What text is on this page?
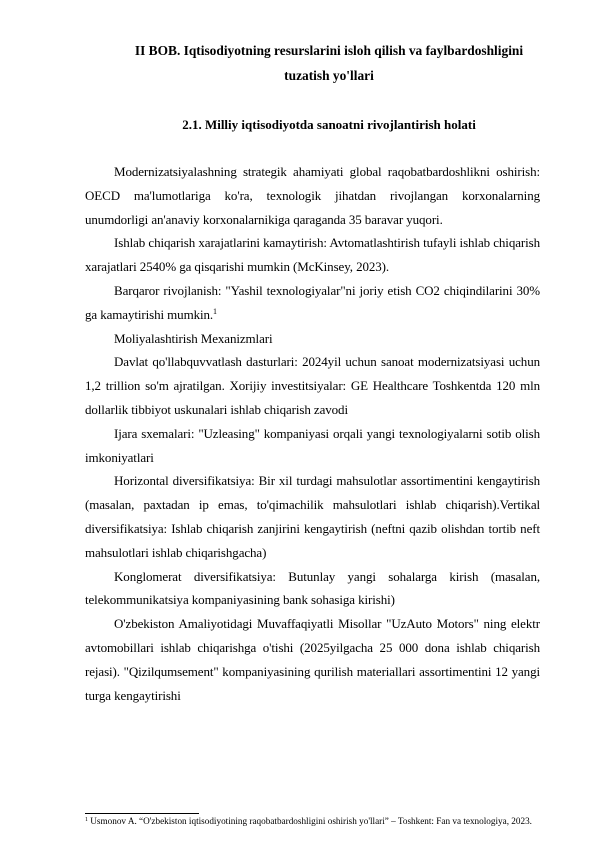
II BOB. Iqtisodiyotning resurslarini isloh qilish va faylbardoshligini tuzatish yo'llari
2.1. Milliy iqtisodiyotda sanoatni rivojlantirish holati

Modernizatsiyalashning strategik ahamiyati global raqobatbardoshlikni oshirish: OECD ma'lumotlariga ko'ra, texnologik jihatdan rivojlangan korxonalarning unumdorligi an'anaviy korxonalarnikiga qaraganda 35 baravar yuqori.

Ishlab chiqarish xarajatlarini kamaytirish: Avtomatlashtirish tufayli ishlab chiqarish xarajatlari 2540% ga qisqarishi mumkin (McKinsey, 2023).

Barqaror rivojlanish: "Yashil texnologiyalar"ni joriy etish CO2 chiqindilarini 30% ga kamaytirishi mumkin.$^1$

Moliyalashtirish Mexanizmlari

Davlat qo'llabquvvatlash dasturlari: 2024yil uchun sanoat modernizatsiyasi uchun 1,2 trillion so'm ajratilgan. Xorijiy investitsiyalar: GE Healthcare Toshkentda 120 mln dollarlik tibbiyot uskunalari ishlab chiqarish zavodi

Ijara sxemalari: "Uzleasing" kompaniyasi orqali yangi texnologiyalarni sotib olish imkoniyatlari

Horizontal diversifikatsiya: Bir xil turdagi mahsulotlar assortimentini kengaytirish (masalan, paxtadan ip emas, to'qimachilik mahsulotlari ishlab chiqarish).Vertikal diversifikatsiya: Ishlab chiqarish zanjirini kengaytirish (neftni qazib olishdan tortib neft mahsulotlari ishlab chiqarishgacha)

Konglomerat diversifikatsiya: Butunlay yangi sohalarga kirish (masalan, telekommunikatsiya kompaniyasining bank sohasiga kirishi)

O'zbekiston Amaliyotidagi Muvaffaqiyatli Misollar "UzAuto Motors" ning elektr avtomobillari ishlab chiqarishga o'tishi (2025yilgacha 25 000 dona ishlab chiqarish rejasi). "Qizilqumsement" kompaniyasining qurilish materiallari assortimentini 12 yangi turga kengaytirishi

$^1$ Usmonov A. “O'zbekiston iqtisodiyotining raqobatbardoshligini oshirish yo'llari” – Toshkent: Fan va texnologiya, 2023.
